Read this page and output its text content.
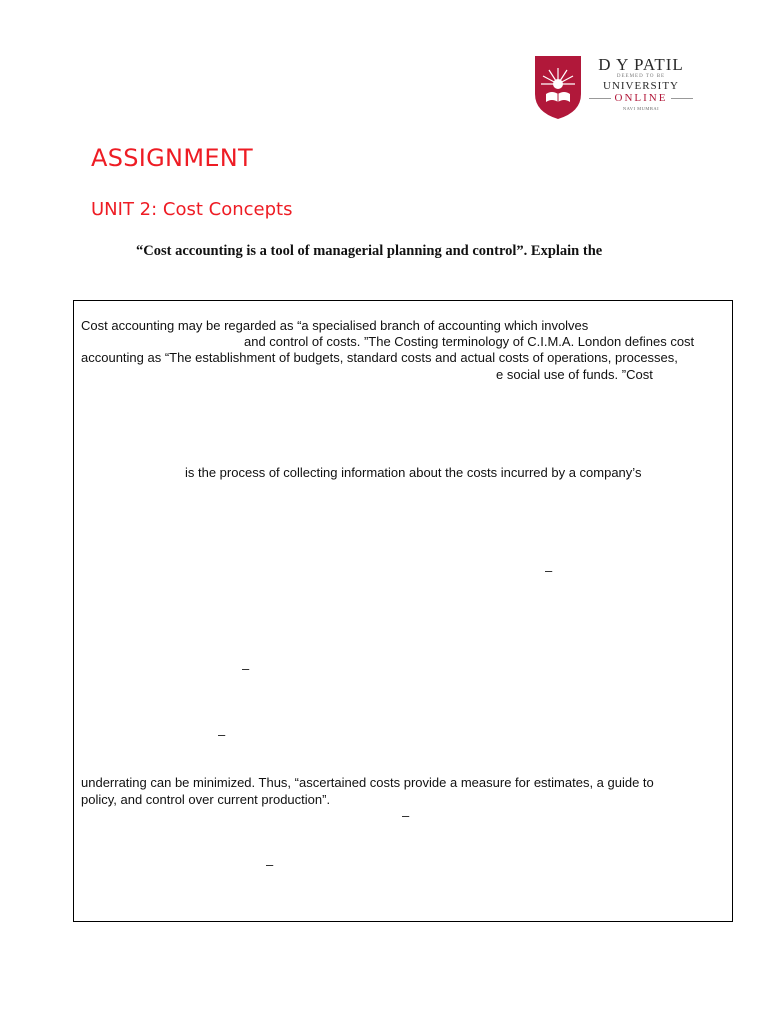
D Y PATIL
DEEMED TO BE
UNIVERSITY
ONLINE
NAVI MUMBAI
ASSIGNMENT
UNIT 2: Cost Concepts

“Cost accounting is a tool of managerial planning and control”. Explain the

Cost accounting may be regarded as “a specialised branch of accounting which involves
and control of costs. ”The Costing terminology of C.I.M.A. London defines cost
accounting as “The establishment of budgets, standard costs and actual costs of operations, processes,
e social use of funds. ”Cost
is the process of collecting information about the costs incurred by a company’s
–
–
–
underrating can be minimized. Thus, “ascertained costs provide a measure for estimates, a guide to
policy, and control over current production”.
–
–
